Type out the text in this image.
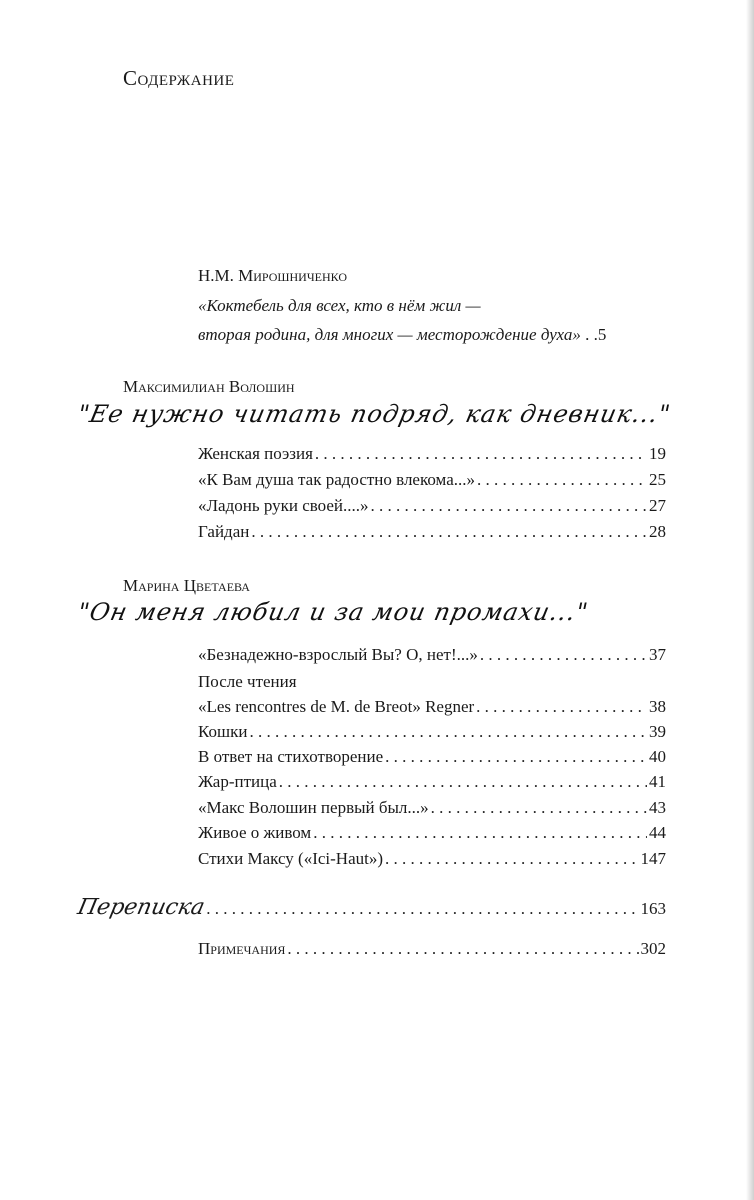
Содержание
Н.М. Мирошниченко
«Коктебель для всех, кто в нём жил —
вторая родина, для многих — месторождение духа» . .5
Максимилиан Волошин
"Ее нужно читать подряд, как дневник..."
Женская поэзия . . .	19
«К Вам душа так радостно влекома...» . . .	25
«Ладонь руки своей....» . . .	27
Гайдан . . .	28
Марина Цветаева
"Он меня любил и за мои промахи..."
«Безнадежно-взрослый Вы? О, нет!...» . . .	37
После чтения
«Les rencontres de M. de Breot» Regner . . .	38
Кошки . . .	39
В ответ на стихотворение . . .	40
Жар-птица . . .	41
«Макс Волошин первый был...» . . .	43
Живое о живом . . .	44
Стихи Максу («Ici-Haut») . . .	147
Переписка . . .	163
Примечания . . .	302
